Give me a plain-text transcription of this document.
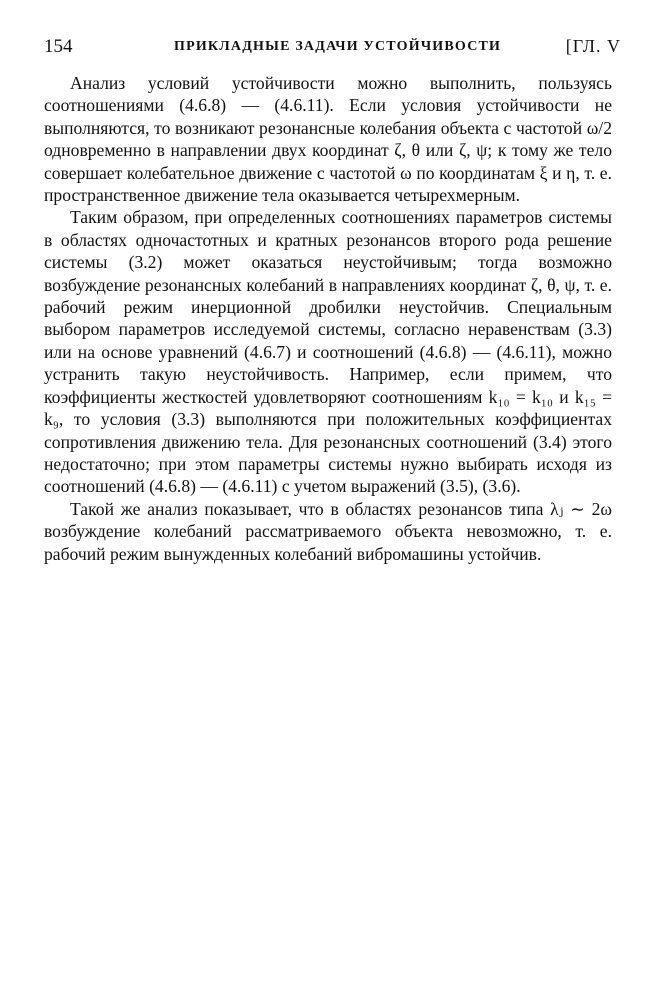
154	ПРИКЛАДНЫЕ ЗАДАЧИ УСТОЙЧИВОСТИ	[ГЛ. V

Анализ условий устойчивости можно выполнить, пользуясь соотношениями (4.6.8) — (4.6.11). Если условия устойчивости не выполняются, то возникают резонансные колебания объекта с частотой ω/2 одновременно в направлении двух координат ζ, θ или ζ, ψ; к тому же тело совершает колебательное движение с частотой ω по координатам ξ и η, т. е. пространственное движение тела оказывается четырехмерным.

Таким образом, при определенных соотношениях параметров системы в областях одночастотных и кратных резонансов второго рода решение системы (3.2) может оказаться неустойчивым; тогда возможно возбуждение резонансных колебаний в направлениях координат ζ, θ, ψ, т. е. рабочий режим инерционной дробилки неустойчив. Специальным выбором параметров исследуемой системы, согласно неравенствам (3.3) или на основе уравнений (4.6.7) и соотношений (4.6.8) — (4.6.11), можно устранить такую неустойчивость. Например, если примем, что коэффициенты жесткостей удовлетворяют соотношениям k₁₀ = k₁₀ и k₁₅ = k₉, то условия (3.3) выполняются при положительных коэффициентах сопротивления движению тела. Для резонансных соотношений (3.4) этого недостаточно; при этом параметры системы нужно выбирать исходя из соотношений (4.6.8) — (4.6.11) с учетом выражений (3.5), (3.6).

Такой же анализ показывает, что в областях резонансов типа λⱼ ∼ 2ω возбуждение колебаний рассматриваемого объекта невозможно, т. е. рабочий режим вынужденных колебаний вибромашины устойчив.
